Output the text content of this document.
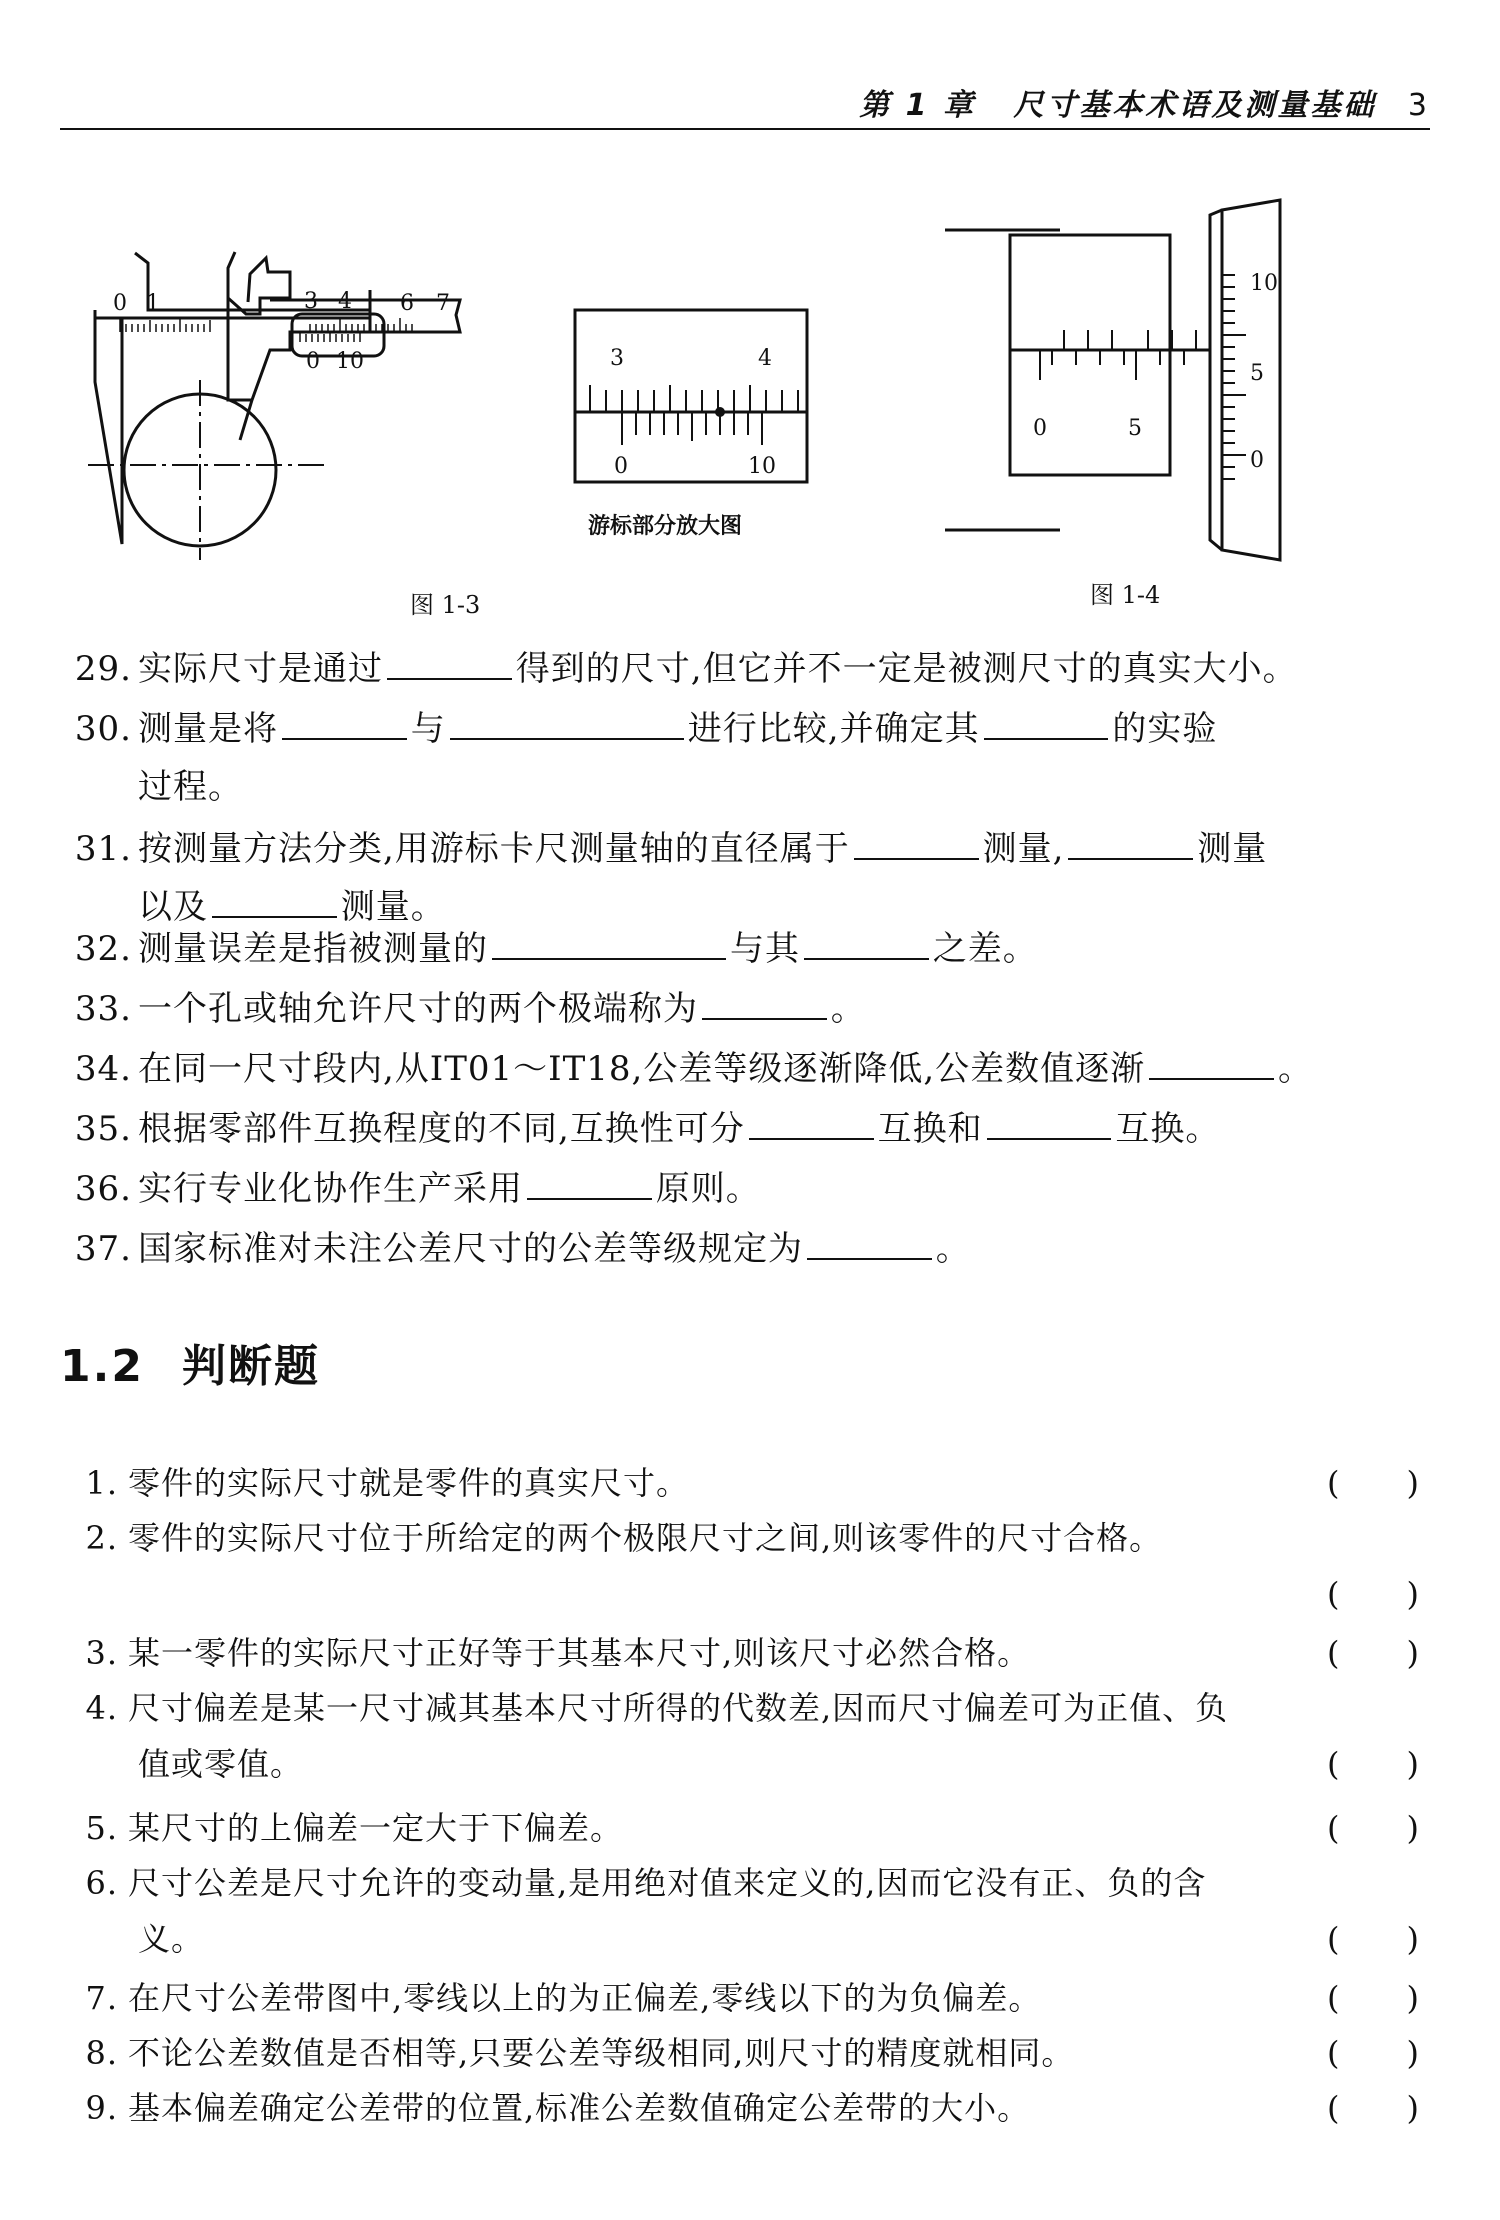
第 1 章 尺寸基本术语及测量基础 3
0 1	3 4 6 7
0 10	3	4
0	10
游标部分放大图
图 1-3
0	5
10
5
0
图 1-4
29. 实际尺寸是通过	得到的尺寸,但它并不一定是被测尺寸的真实大小。
30. 测量是将	与	进行比较,并确定其	的实验
过程。
31. 按测量方法分类,用游标卡尺测量轴的直径属于	测量,	测量
以及	测量。
32. 测量误差是指被测量的	与其	之差。
33. 一个孔或轴允许尺寸的两个极端称为	。
34. 在同一尺寸段内,从IT01～IT18,公差等级逐渐降低,公差数值逐渐	。
35. 根据零部件互换程度的不同,互换性可分	互换和	互换。
36. 实行专业化协作生产采用	原则。
37. 国家标准对未注公差尺寸的公差等级规定为	。
1.2 判断题
1. 零件的实际尺寸就是零件的真实尺寸。	(　　)
2. 零件的实际尺寸位于所给定的两个极限尺寸之间,则该零件的尺寸合格。
(　　)
3. 某一零件的实际尺寸正好等于其基本尺寸,则该尺寸必然合格。	(　　)
4. 尺寸偏差是某一尺寸减其基本尺寸所得的代数差,因而尺寸偏差可为正值、负
值或零值。	(　　)
5. 某尺寸的上偏差一定大于下偏差。	(　　)
6. 尺寸公差是尺寸允许的变动量,是用绝对值来定义的,因而它没有正、负的含
义。	(　　)
7. 在尺寸公差带图中,零线以上的为正偏差,零线以下的为负偏差。	(　　)
8. 不论公差数值是否相等,只要公差等级相同,则尺寸的精度就相同。	(　　)
9. 基本偏差确定公差带的位置,标准公差数值确定公差带的大小。	(　　)
